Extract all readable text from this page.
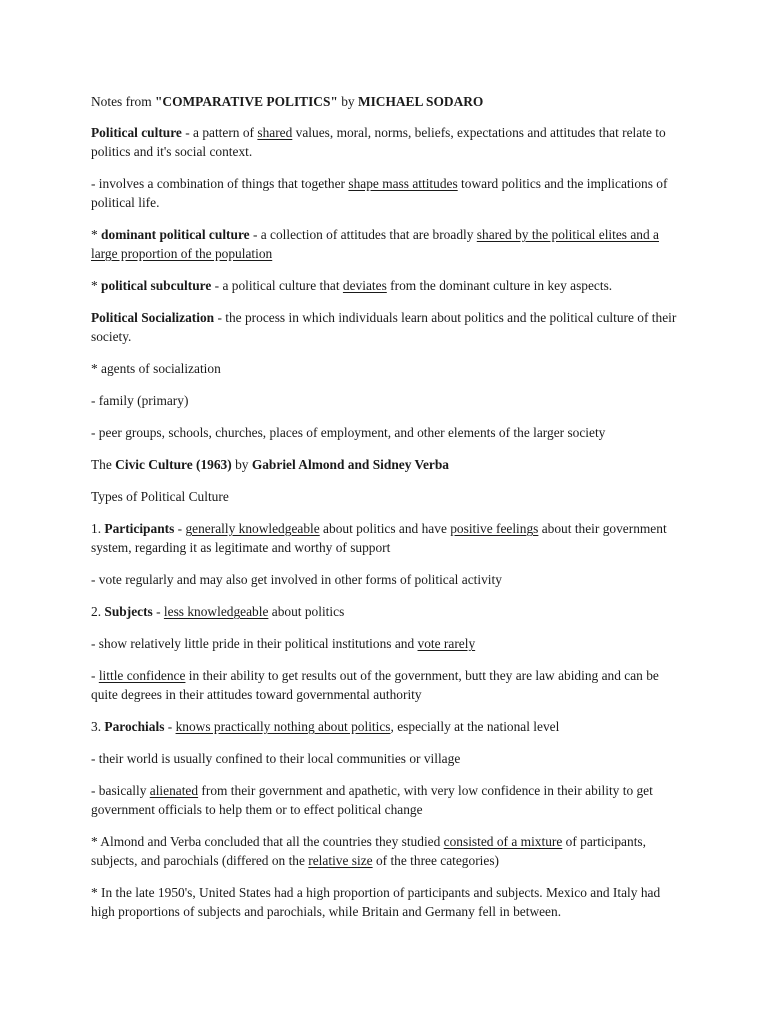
Notes from "COMPARATIVE POLITICS" by MICHAEL SODARO

Political culture - a pattern of shared values, moral, norms, beliefs, expectations and attitudes that relate to politics and it's social context.

- involves a combination of things that together shape mass attitudes toward politics and the implications of political life.

* dominant political culture - a collection of attitudes that are broadly shared by the political elites and a large proportion of the population

* political subculture - a political culture that deviates from the dominant culture in key aspects.

Political Socialization - the process in which individuals learn about politics and the political culture of their society.

* agents of socialization

- family (primary)

- peer groups, schools, churches, places of employment, and other elements of the larger society

The Civic Culture (1963) by Gabriel Almond and Sidney Verba

Types of Political Culture

1. Participants - generally knowledgeable about politics and have positive feelings about their government system, regarding it as legitimate and worthy of support

- vote regularly and may also get involved in other forms of political activity

2. Subjects - less knowledgeable about politics

- show relatively little pride in their political institutions and vote rarely

- little confidence in their ability to get results out of the government, butt they are law abiding and can be quite degrees in their attitudes toward governmental authority

3. Parochials - knows practically nothing about politics, especially at the national level

- their world is usually confined to their local communities or village

- basically alienated from their government and apathetic, with very low confidence in their ability to get government officials to help them or to effect political change

* Almond and Verba concluded that all the countries they studied consisted of a mixture of participants, subjects, and parochials (differed on the relative size of the three categories)

* In the late 1950's, United States had a high proportion of participants and subjects. Mexico and Italy had high proportions of subjects and parochials, while Britain and Germany fell in between.
